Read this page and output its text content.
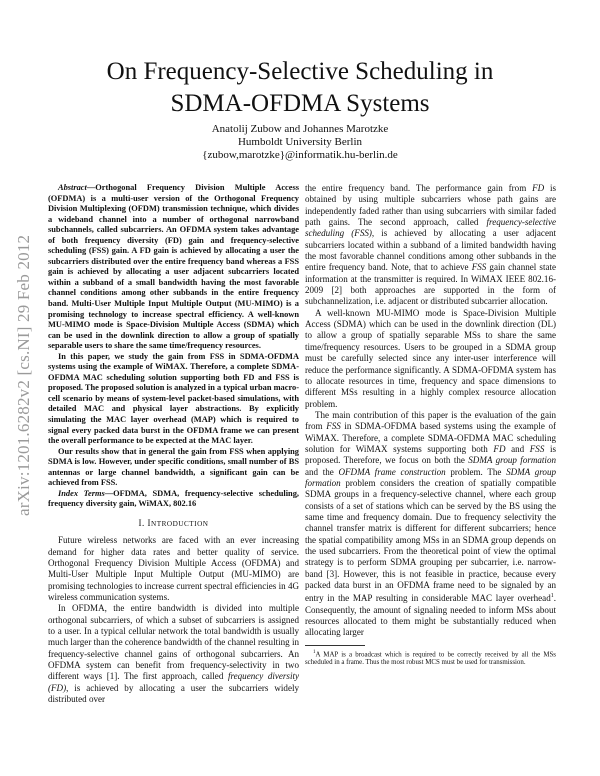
arXiv:1201.6282v2 [cs.NI] 29 Feb 2012
On Frequency-Selective Scheduling in
SDMA-OFDMA Systems
Anatolij Zubow and Johannes Marotzke
Humboldt University Berlin
{zubow,marotzke}@informatik.hu-berlin.de

Abstract—Orthogonal Frequency Division Multiple Access (OFDMA) is a multi-user version of the Orthogonal Frequency Division Multiplexing (OFDM) transmission technique, which divides a wideband channel into a number of orthogonal narrowband subchannels, called subcarriers. An OFDMA system takes advantage of both frequency diversity (FD) gain and frequency-selective scheduling (FSS) gain. A FD gain is achieved by allocating a user the subcarriers distributed over the entire frequency band whereas a FSS gain is achieved by allocating a user adjacent subcarriers located within a subband of a small bandwidth having the most favorable channel conditions among other subbands in the entire frequency band. Multi-User Multiple Input Multiple Output (MU-MIMO) is a promising technology to increase spectral efficiency. A well-known MU-MIMO mode is Space-Division Multiple Access (SDMA) which can be used in the downlink direction to allow a group of spatially separable users to share the same time/frequency resources.

In this paper, we study the gain from FSS in SDMA-OFDMA systems using the example of WiMAX. Therefore, a complete SDMA-OFDMA MAC scheduling solution supporting both FD and FSS is proposed. The proposed solution is analyzed in a typical urban macro-cell scenario by means of system-level packet-based simulations, with detailed MAC and physical layer abstractions. By explicitly simulating the MAC layer overhead (MAP) which is required to signal every packed data burst in the OFDMA frame we can present the overall performance to be expected at the MAC layer.

Our results show that in general the gain from FSS when applying SDMA is low. However, under specific conditions, small number of BS antennas or large channel bandwidth, a significant gain can be achieved from FSS.

Index Terms—OFDMA, SDMA, frequency-selective scheduling, frequency diversity gain, WiMAX, 802.16

I. INTRODUCTION

Future wireless networks are faced with an ever increasing demand for higher data rates and better quality of service. Orthogonal Frequency Division Multiple Access (OFDMA) and Multi-User Multiple Input Multiple Output (MU-MIMO) are promising technologies to increase current spectral efficiencies in 4G wireless communication systems.

In OFDMA, the entire bandwidth is divided into multiple orthogonal subcarriers, of which a subset of subcarriers is assigned to a user. In a typical cellular network the total bandwidth is usually much larger than the coherence bandwidth of the channel resulting in frequency-selective channel gains of orthogonal subcarriers. An OFDMA system can benefit from frequency-selectivity in two different ways [1]. The first approach, called frequency diversity (FD), is achieved by allocating a user the subcarriers widely distributed over

the entire frequency band. The performance gain from FD is obtained by using multiple subcarriers whose path gains are independently faded rather than using subcarriers with similar faded path gains. The second approach, called frequency-selective scheduling (FSS), is achieved by allocating a user adjacent subcarriers located within a subband of a limited bandwidth having the most favorable channel conditions among other subbands in the entire frequency band. Note, that to achieve FSS gain channel state information at the transmitter is required. In WiMAX IEEE 802.16-2009 [2] both approaches are supported in the form of subchannelization, i.e. adjacent or distributed subcarrier allocation.

A well-known MU-MIMO mode is Space-Division Multiple Access (SDMA) which can be used in the downlink direction (DL) to allow a group of spatially separable MSs to share the same time/frequency resources. Users to be grouped in a SDMA group must be carefully selected since any inter-user interference will reduce the performance significantly. A SDMA-OFDMA system has to allocate resources in time, frequency and space dimensions to different MSs resulting in a highly complex resource allocation problem.

The main contribution of this paper is the evaluation of the gain from FSS in SDMA-OFDMA based systems using the example of WiMAX. Therefore, a complete SDMA-OFDMA MAC scheduling solution for WiMAX systems supporting both FD and FSS is proposed. Therefore, we focus on both the SDMA group formation and the OFDMA frame construction problem. The SDMA group formation problem considers the creation of spatially compatible SDMA groups in a frequency-selective channel, where each group consists of a set of stations which can be served by the BS using the same time and frequency domain. Due to frequency selectivity the channel transfer matrix is different for different subcarriers; hence the spatial compatibility among MSs in an SDMA group depends on the used subcarriers. From the theoretical point of view the optimal strategy is to perform SDMA grouping per subcarrier, i.e. narrow-band [3]. However, this is not feasible in practice, because every packed data burst in an OFDMA frame need to be signaled by an entry in the MAP resulting in considerable MAC layer overhead$^1$. Consequently, the amount of signaling needed to inform MSs about resources allocated to them might be substantially reduced when allocating larger

$^1$A MAP is a broadcast which is required to be correctly received by all the MSs scheduled in a frame. Thus the most robust MCS must be used for transmission.
